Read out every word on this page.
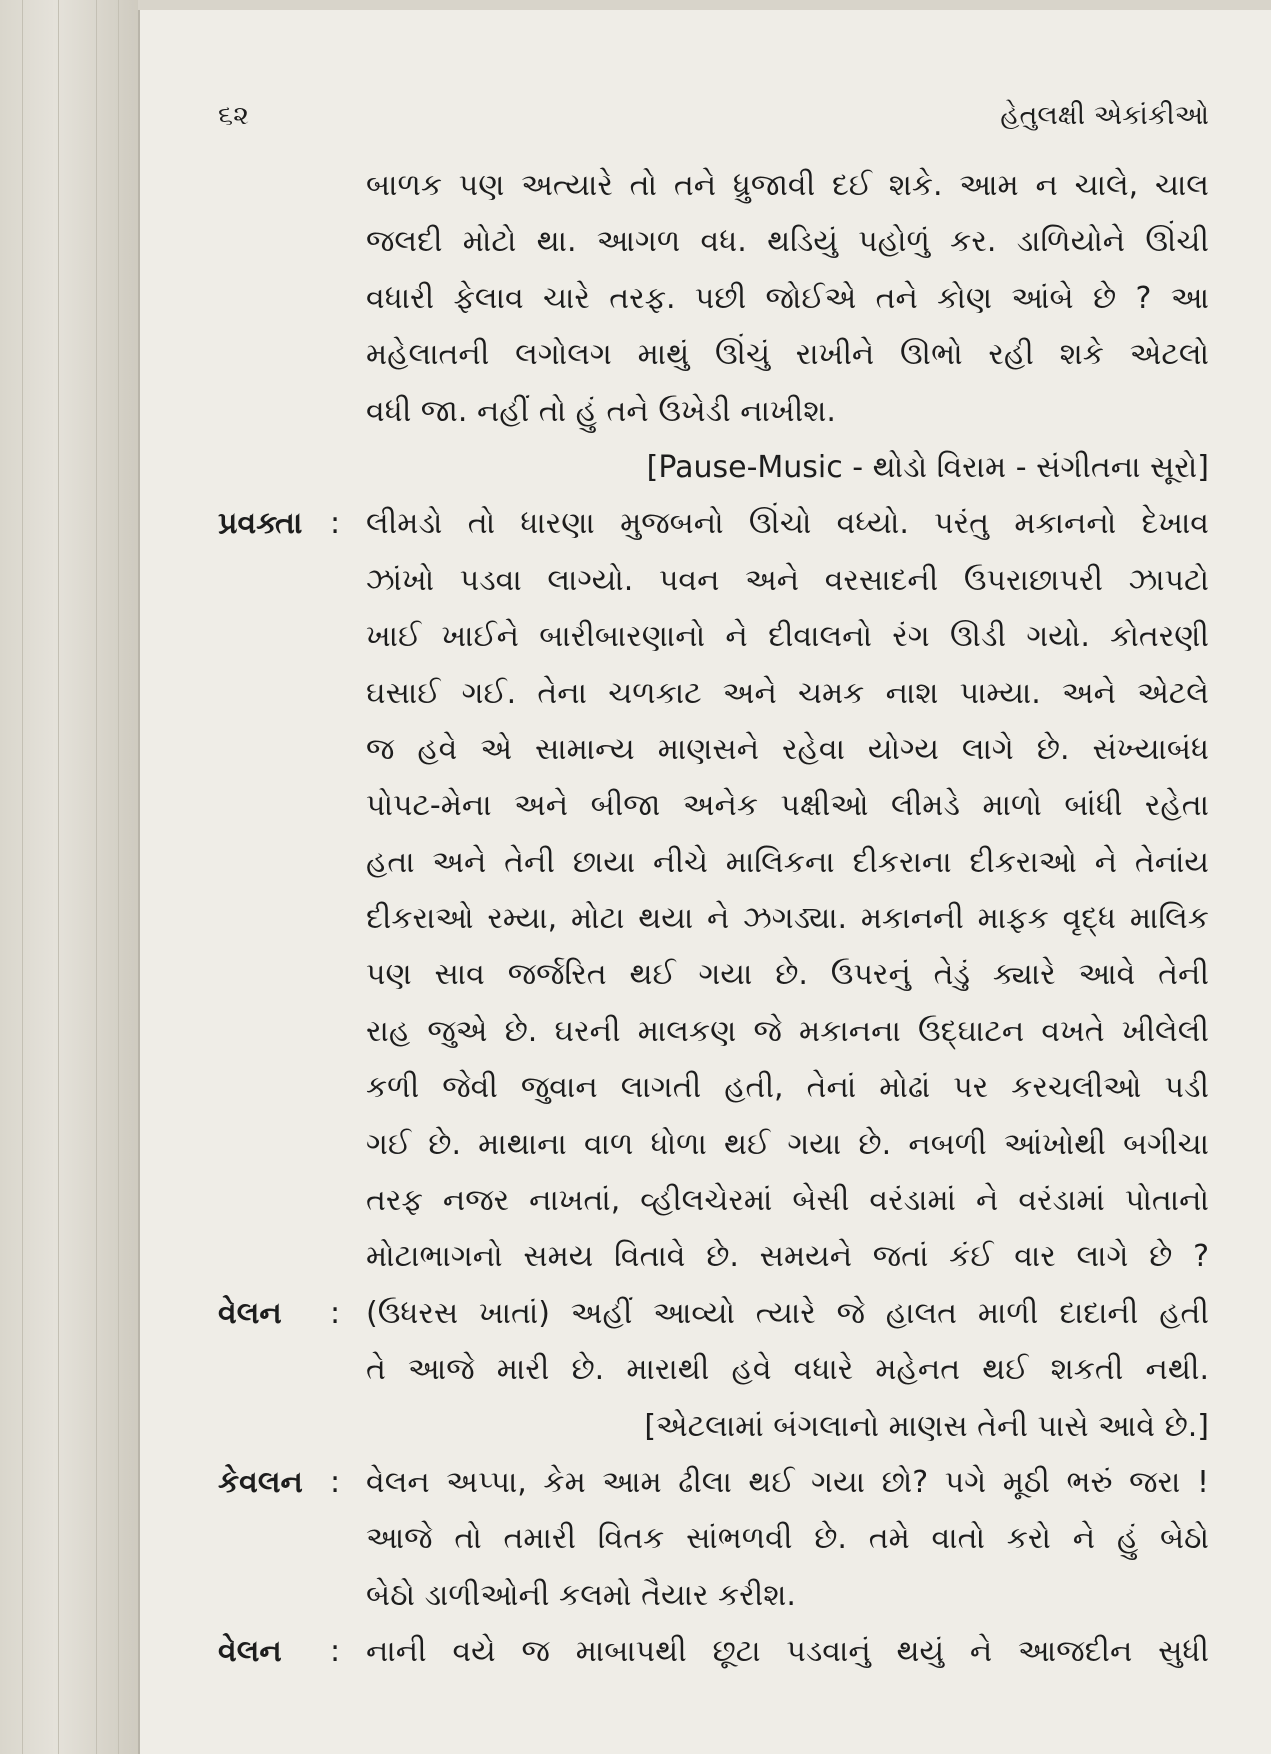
૬૨	હેતુલક્ષી એકાંકીઓ
બાળક પણ અત્યારે તો તને ધ્રુજાવી દઈ શકે. આમ ન ચાલે, ચાલ
જલદી મોટો થા. આગળ વધ. થડિયું પહોળું કર. ડાળિયોને ઊંચી
વધારી ફેલાવ ચારે તરફ. પછી જોઈએ તને કોણ આંબે છે ? આ
મહેલાતની લગોલગ માથું ઊંચું રાખીને ઊભો રહી શકે એટલો
વધી જા. નહીં તો હું તને ઉખેડી નાખીશ.
[Pause-Music - થોડો વિરામ - સંગીતના સૂરો]
પ્રવક્તા : લીમડો તો ધારણા મુજબનો ઊંચો વધ્યો. પરંતુ મકાનનો દેખાવ
ઝાંખો પડવા લાગ્યો. પવન અને વરસાદની ઉપરાછાપરી ઝાપટો
ખાઈ ખાઈને બારીબારણાનો ને દીવાલનો રંગ ઊડી ગયો. કોતરણી
ઘસાઈ ગઈ. તેના ચળકાટ અને ચમક નાશ પામ્યા. અને એટલે
જ હવે એ સામાન્ય માણસને રહેવા યોગ્ય લાગે છે. સંખ્યાબંધ
પોપટ-મેના અને બીજા અનેક પક્ષીઓ લીમડે માળો બાંધી રહેતા
હતા અને તેની છાયા નીચે માલિકના દીકરાના દીકરાઓ ને તેનાંય
દીકરાઓ રમ્યા, મોટા થયા ને ઝગડ્યા. મકાનની માફક વૃદ્ધ માલિક
પણ સાવ જર્જરિત થઈ ગયા છે. ઉપરનું તેડું ક્યારે આવે તેની
રાહ જુએ છે. ઘરની માલકણ જે મકાનના ઉદ્‌ઘાટન વખતે ખીલેલી
કળી જેવી જુવાન લાગતી હતી, તેનાં મોઢાં પર કરચલીઓ પડી
ગઈ છે. માથાના વાળ ધોળા થઈ ગયા છે. નબળી આંખોથી બગીચા
તરફ નજર નાખતાં, વ્હીલચેરમાં બેસી વરંડામાં ને વરંડામાં પોતાનો
મોટાભાગનો સમય વિતાવે છે. સમયને જતાં કંઈ વાર લાગે છે ?
વેલન	: (ઉધરસ ખાતાં) અહીં આવ્યો ત્યારે જે હાલત માળી દાદાની હતી
તે આજે મારી છે. મારાથી હવે વધારે મહેનત થઈ શકતી નથી.
[એટલામાં બંગલાનો માણસ તેની પાસે આવે છે.]
કેવલન : વેલન અપ્પા, કેમ આમ ઢીલા થઈ ગયા છો? પગે મૂઠી ભરું જરા !
આજે તો તમારી વિતક સાંભળવી છે. તમે વાતો કરો ને હું બેઠો
બેઠો ડાળીઓની કલમો તૈયાર કરીશ.
વેલન	: નાની વયે જ માબાપથી છૂટા પડવાનું થયું ને આજદીન સુધી
